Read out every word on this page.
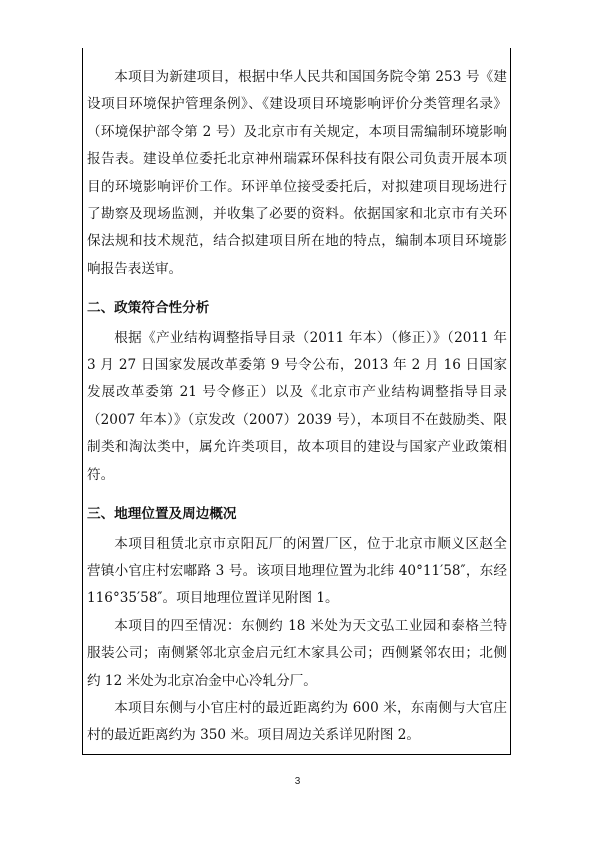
本项目为新建项目，根据中华人民共和国国务院令第 253 号《建设项目环境保护管理条例》、《建设项目环境影响评价分类管理名录》（环境保护部令第 2 号）及北京市有关规定，本项目需编制环境影响报告表。建设单位委托北京神州瑞霖环保科技有限公司负责开展本项目的环境影响评价工作。环评单位接受委托后，对拟建项目现场进行了勘察及现场监测，并收集了必要的资料。依据国家和北京市有关环保法规和技术规范，结合拟建项目所在地的特点，编制本项目环境影响报告表送审。

二、政策符合性分析

根据《产业结构调整指导目录（2011 年本）（修正）》（2011 年 3 月 27 日国家发展改革委第 9 号令公布，2013 年 2 月 16 日国家发展改革委第 21 号令修正）以及《北京市产业结构调整指导目录（2007 年本）》（京发改（2007）2039 号），本项目不在鼓励类、限制类和淘汰类中，属允许类项目，故本项目的建设与国家产业政策相符。

三、地理位置及周边概况

本项目租赁北京市京阳瓦厂的闲置厂区，位于北京市顺义区赵全营镇小官庄村宏嘟路 3 号。该项目地理位置为北纬 40°11′58″，东经 116°35′58″。项目地理位置详见附图 1。

本项目的四至情况：东侧约 18 米处为天文弘工业园和泰格兰特服装公司；南侧紧邻北京金启元红木家具公司；西侧紧邻农田；北侧约 12 米处为北京冶金中心冷轧分厂。

本项目东侧与小官庄村的最近距离约为 600 米，东南侧与大官庄村的最近距离约为 350 米。项目周边关系详见附图 2。

3
